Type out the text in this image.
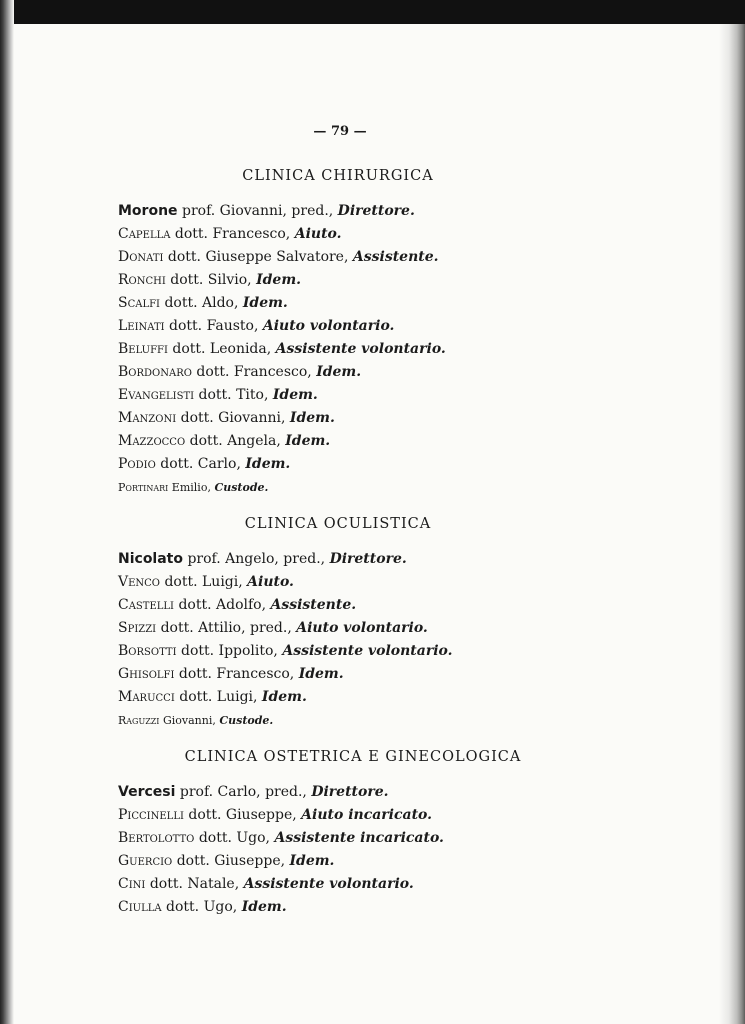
— 79 —
CLINICA CHIRURGICA
Morone prof. Giovanni, pred., Direttore.
Capella dott. Francesco, Aiuto.
Donati dott. Giuseppe Salvatore, Assistente.
Ronchi dott. Silvio, Idem.
Scalfi dott. Aldo, Idem.
Leinati dott. Fausto, Aiuto volontario.
Beluffi dott. Leonida, Assistente volontario.
Bordonaro dott. Francesco, Idem.
Evangelisti dott. Tito, Idem.
Manzoni dott. Giovanni, Idem.
Mazzocco dott. Angela, Idem.
Podio dott. Carlo, Idem.
Portinari Emilio, Custode.
CLINICA OCULISTICA
Nicolato prof. Angelo, pred., Direttore.
Venco dott. Luigi, Aiuto.
Castelli dott. Adolfo, Assistente.
Spizzi dott. Attilio, pred., Aiuto volontario.
Borsotti dott. Ippolito, Assistente volontario.
Ghisolfi dott. Francesco, Idem.
Marucci dott. Luigi, Idem.
Raguzzi Giovanni, Custode.
CLINICA OSTETRICA E GINECOLOGICA
Vercesi prof. Carlo, pred., Direttore.
Piccinelli dott. Giuseppe, Aiuto incaricato.
Bertolotto dott. Ugo, Assistente incaricato.
Guercio dott. Giuseppe, Idem.
Cini dott. Natale, Assistente volontario.
Ciulla dott. Ugo, Idem.
